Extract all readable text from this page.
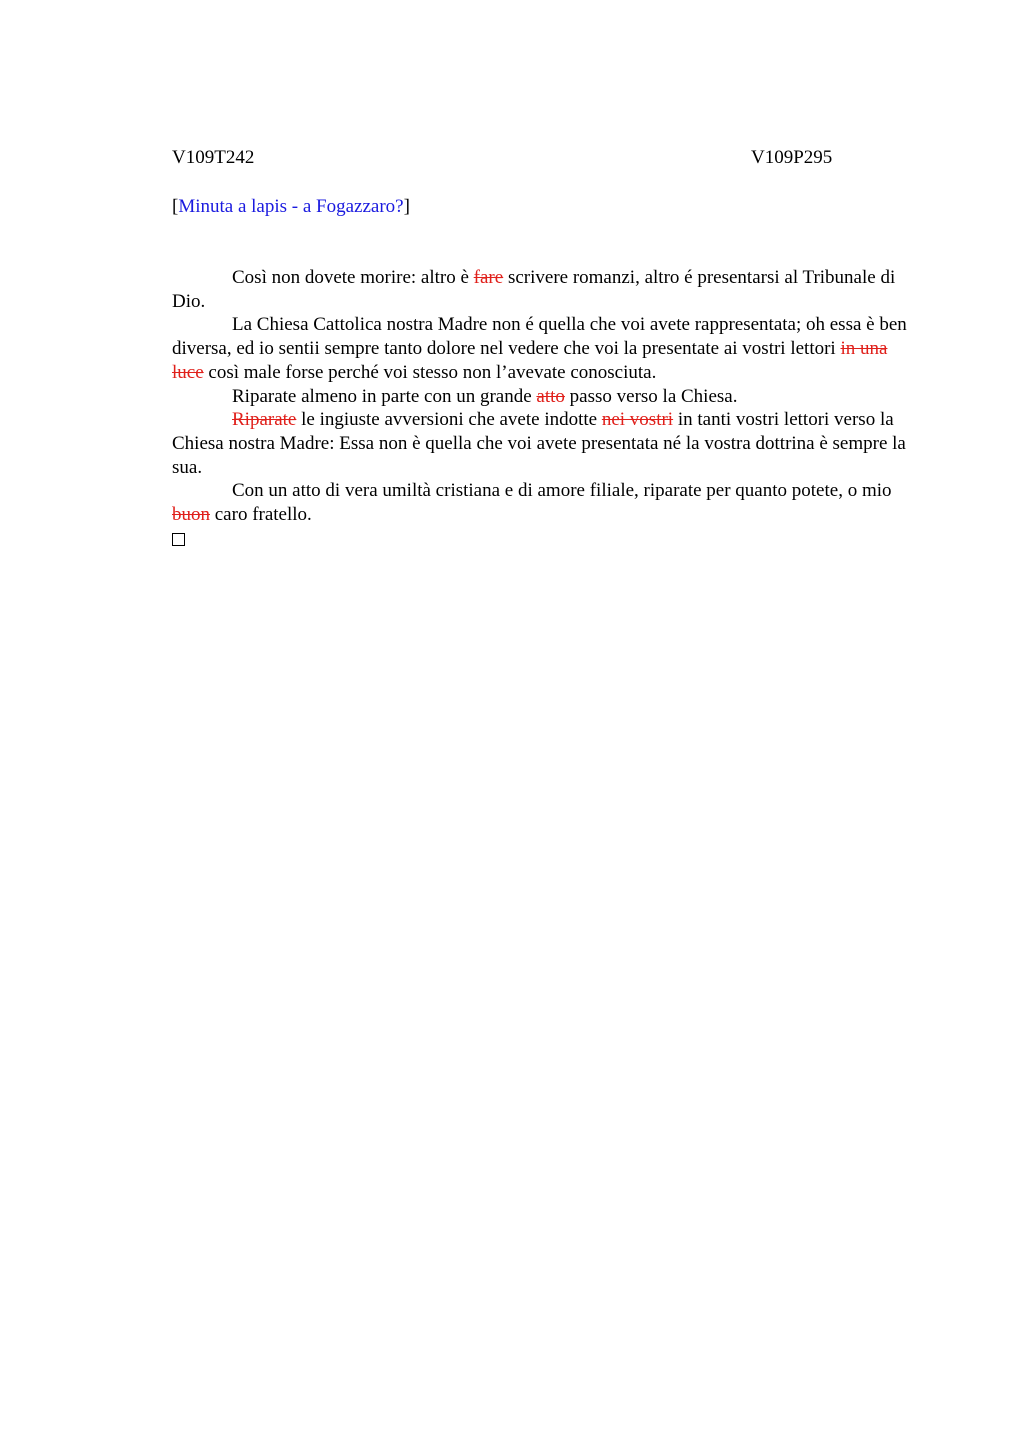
V109T242	V109P295
[Minuta a lapis - a Fogazzaro?]

Così non dovete morire: altro è fare scrivere romanzi, altro é presentarsi al Tribunale di Dio.

La Chiesa Cattolica nostra Madre non é quella che voi avete rappresentata; oh essa è ben diversa, ed io sentii sempre tanto dolore nel vedere che voi la presentate ai vostri lettori in una luce così male forse perché voi stesso non l’avevate conosciuta.

Riparate almeno in parte con un grande atto passo verso la Chiesa.

Riparate le ingiuste avversioni che avete indotte nei vostri in tanti vostri lettori verso la Chiesa nostra Madre: Essa non è quella che voi avete presentata né la vostra dottrina è sempre la sua.

Con un atto di vera umiltà cristiana e di amore filiale, riparate per quanto potete, o mio buon caro fratello.
